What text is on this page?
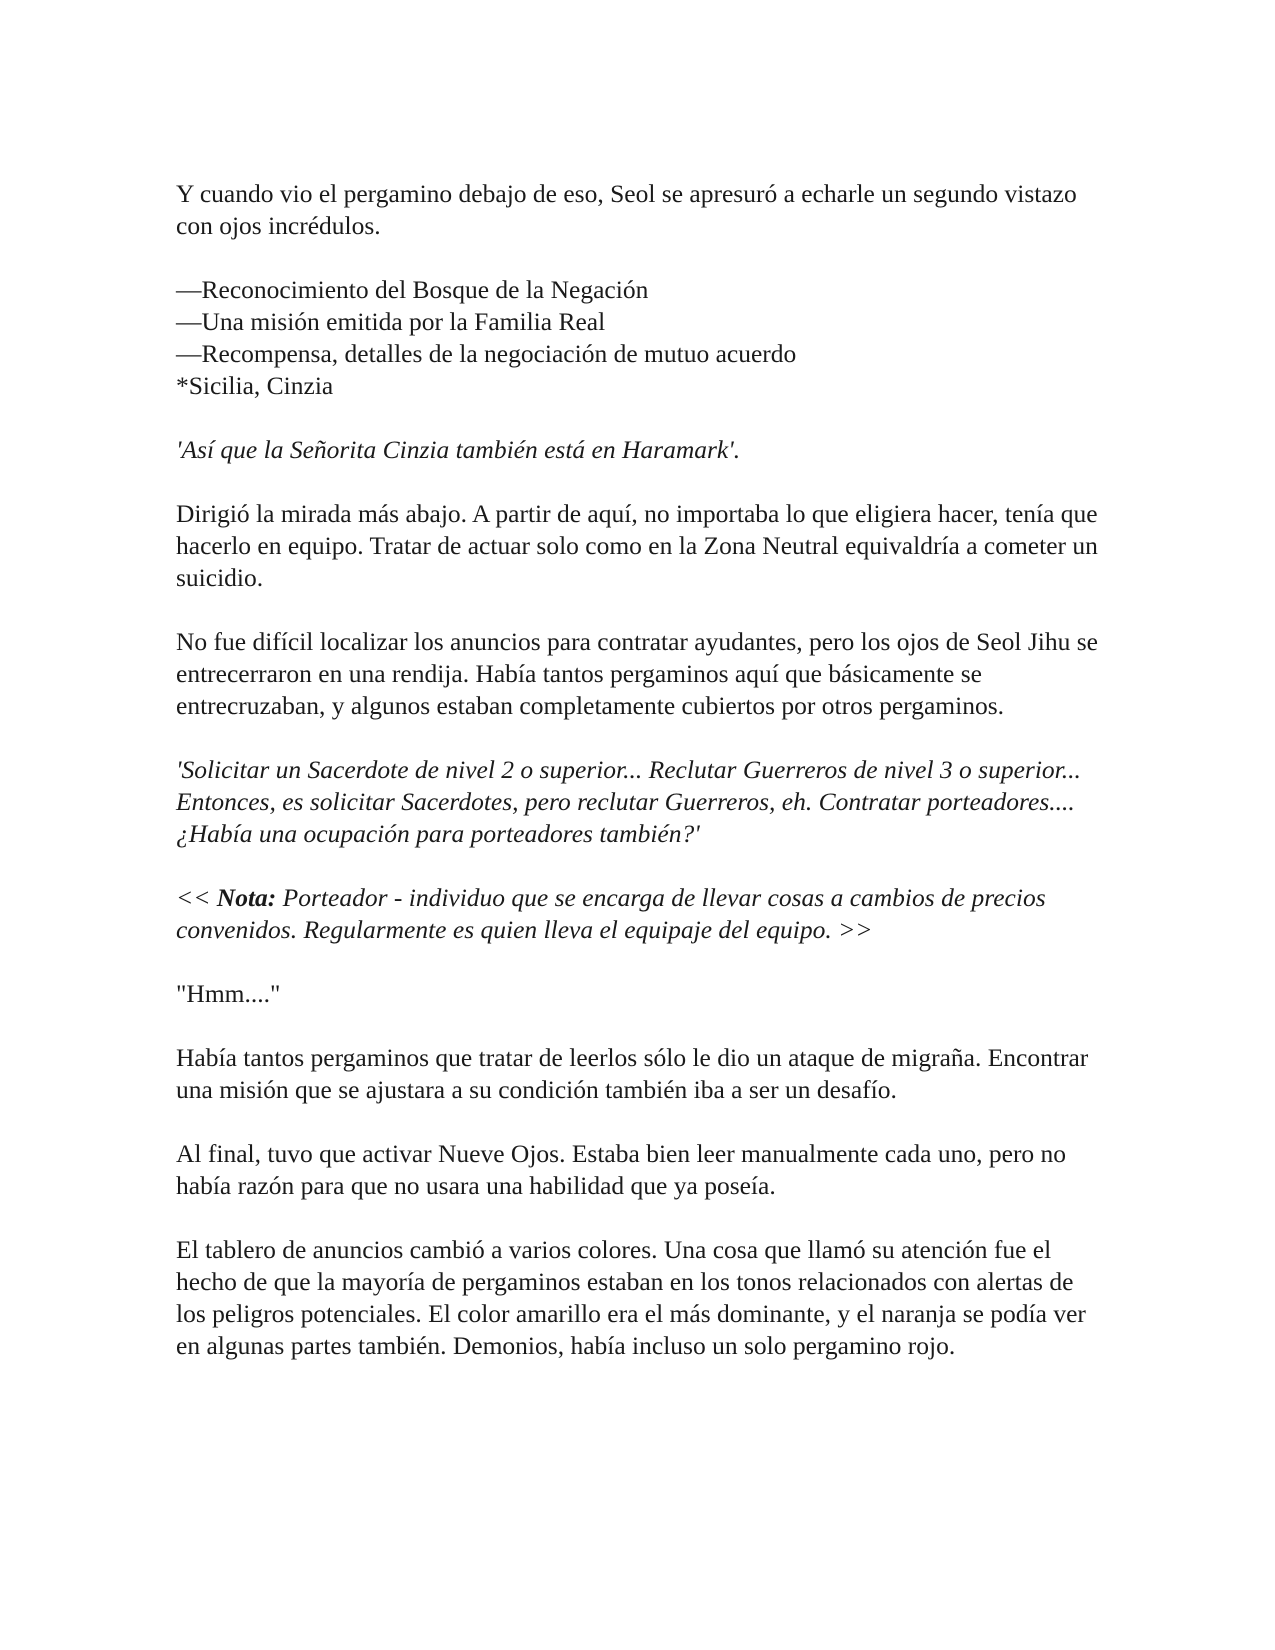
Y cuando vio el pergamino debajo de eso, Seol se apresuró a echarle un segundo vistazo con ojos incrédulos.

—Reconocimiento del Bosque de la Negación
—Una misión emitida por la Familia Real
—Recompensa, detalles de la negociación de mutuo acuerdo
*Sicilia, Cinzia

'Así que la Señorita Cinzia también está en Haramark'.

Dirigió la mirada más abajo. A partir de aquí, no importaba lo que eligiera hacer, tenía que hacerlo en equipo. Tratar de actuar solo como en la Zona Neutral equivaldría a cometer un suicidio.

No fue difícil localizar los anuncios para contratar ayudantes, pero los ojos de Seol Jihu se entrecerraron en una rendija. Había tantos pergaminos aquí que básicamente se entrecruzaban, y algunos estaban completamente cubiertos por otros pergaminos.

'Solicitar un Sacerdote de nivel 2 o superior... Reclutar Guerreros de nivel 3 o superior... Entonces, es solicitar Sacerdotes, pero reclutar Guerreros, eh. Contratar porteadores.... ¿Había una ocupación para porteadores también?'

<< Nota: Porteador - individuo que se encarga de llevar cosas a cambios de precios convenidos. Regularmente es quien lleva el equipaje del equipo. >>

"Hmm...."

Había tantos pergaminos que tratar de leerlos sólo le dio un ataque de migraña. Encontrar una misión que se ajustara a su condición también iba a ser un desafío.

Al final, tuvo que activar Nueve Ojos. Estaba bien leer manualmente cada uno, pero no había razón para que no usara una habilidad que ya poseía.

El tablero de anuncios cambió a varios colores. Una cosa que llamó su atención fue el hecho de que la mayoría de pergaminos estaban en los tonos relacionados con alertas de los peligros potenciales. El color amarillo era el más dominante, y el naranja se podía ver en algunas partes también. Demonios, había incluso un solo pergamino rojo.
